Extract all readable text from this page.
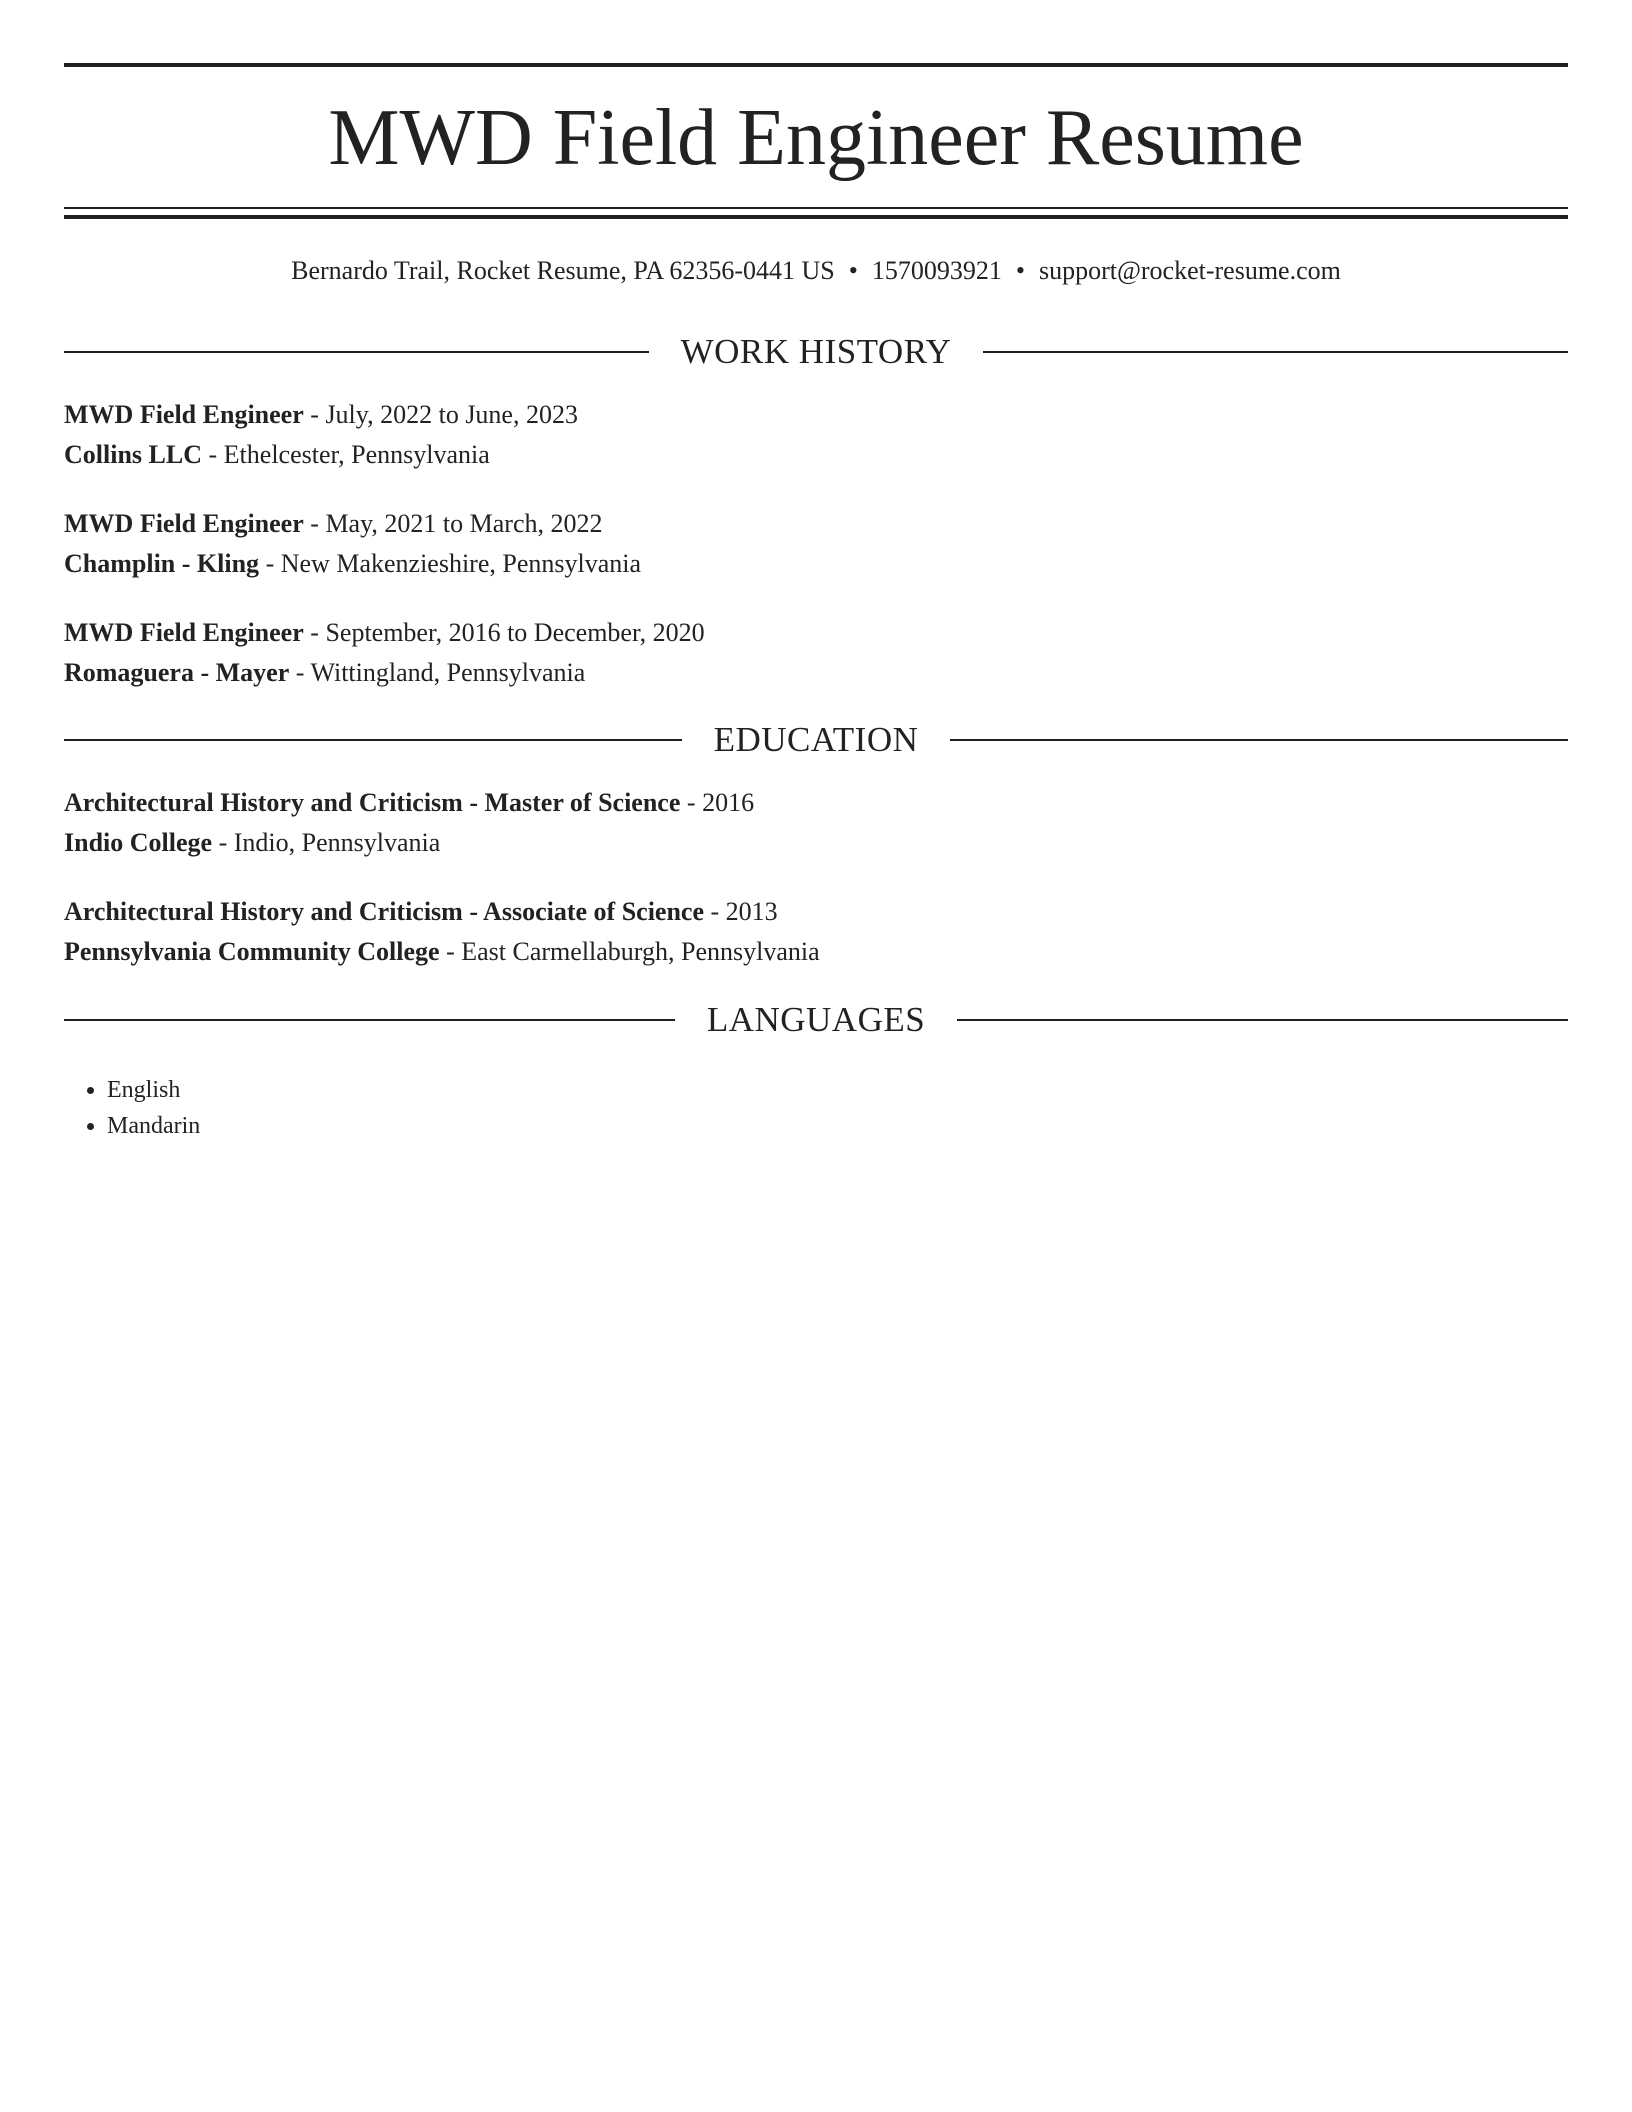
MWD Field Engineer Resume
Bernardo Trail, Rocket Resume, PA 62356-0441 US • 1570093921 • support@rocket-resume.com
WORK HISTORY
MWD Field Engineer - July, 2022 to June, 2023
Collins LLC - Ethelcester, Pennsylvania
MWD Field Engineer - May, 2021 to March, 2022
Champlin - Kling - New Makenzieshire, Pennsylvania
MWD Field Engineer - September, 2016 to December, 2020
Romaguera - Mayer - Wittingland, Pennsylvania
EDUCATION
Architectural History and Criticism - Master of Science - 2016
Indio College - Indio, Pennsylvania
Architectural History and Criticism - Associate of Science - 2013
Pennsylvania Community College - East Carmellaburgh, Pennsylvania
LANGUAGES
• English
• Mandarin
